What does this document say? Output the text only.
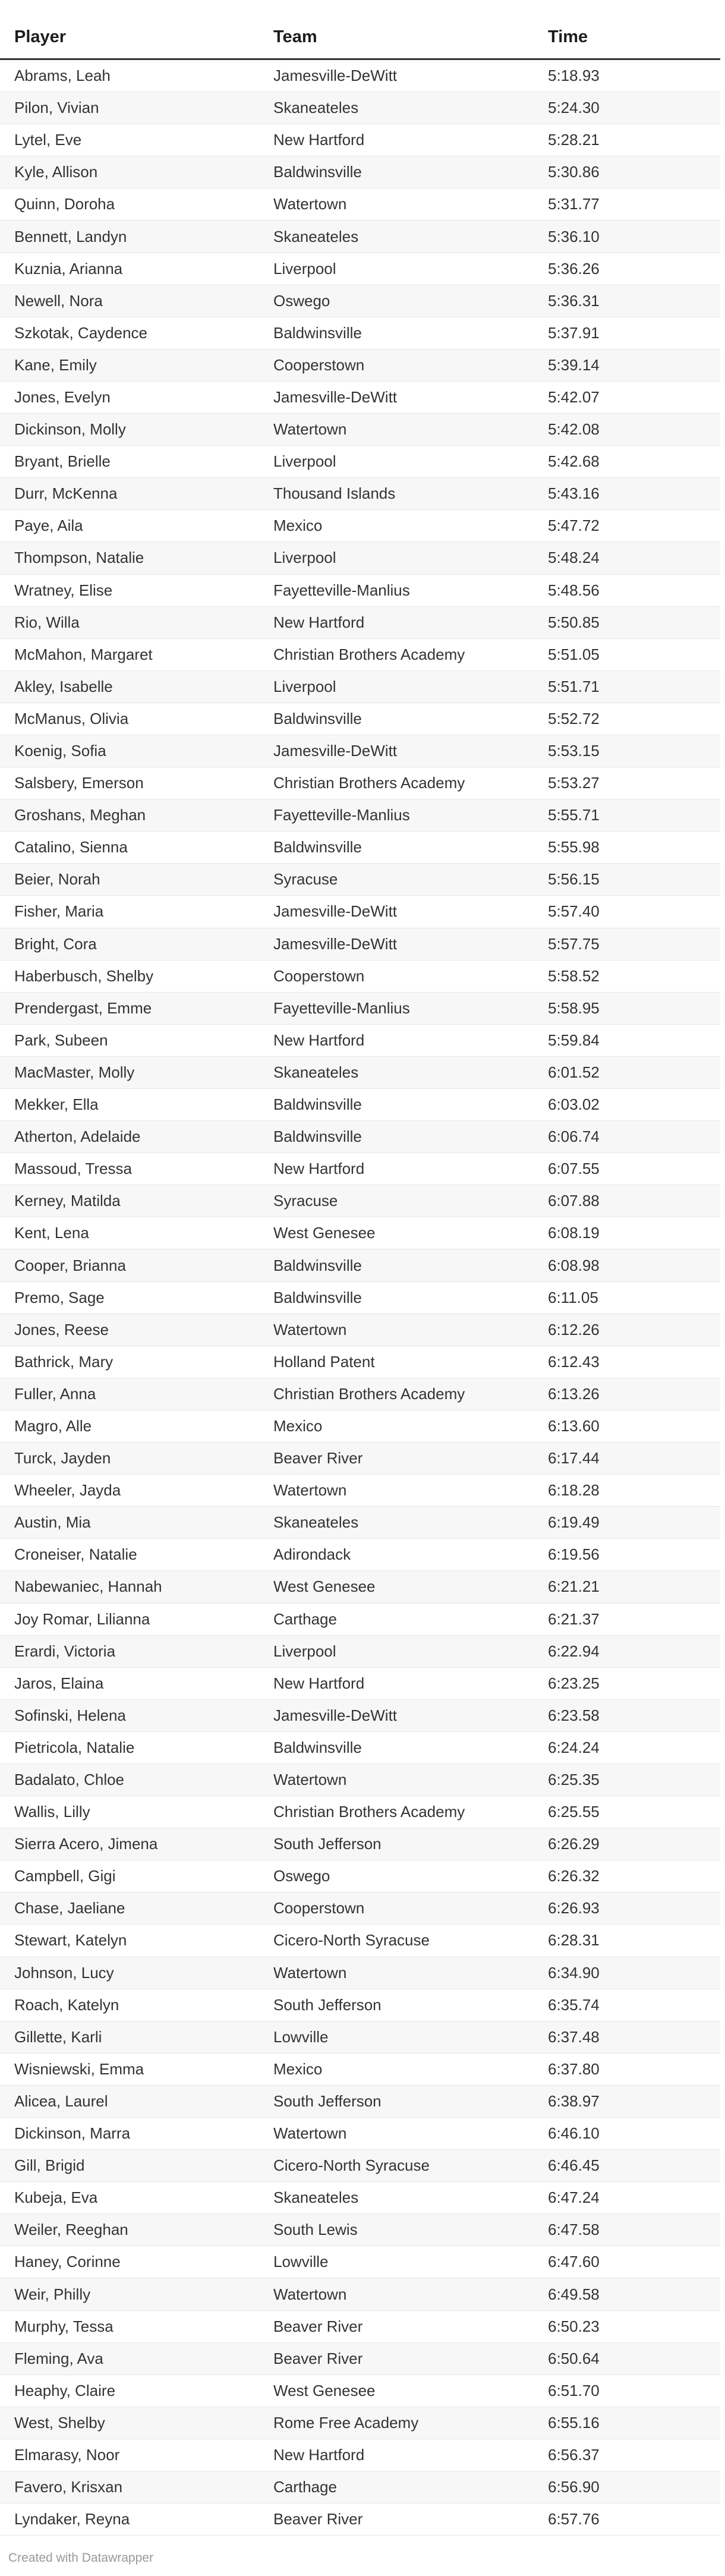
Player	Team	Time
Abrams, Leah	Jamesville-DeWitt	5:18.93
Pilon, Vivian	Skaneateles	5:24.30
Lytel, Eve	New Hartford	5:28.21
Kyle, Allison	Baldwinsville	5:30.86
Quinn, Doroha	Watertown	5:31.77
Bennett, Landyn	Skaneateles	5:36.10
Kuznia, Arianna	Liverpool	5:36.26
Newell, Nora	Oswego	5:36.31
Szkotak, Caydence	Baldwinsville	5:37.91
Kane, Emily	Cooperstown	5:39.14
Jones, Evelyn	Jamesville-DeWitt	5:42.07
Dickinson, Molly	Watertown	5:42.08
Bryant, Brielle	Liverpool	5:42.68
Durr, McKenna	Thousand Islands	5:43.16
Paye, Aila	Mexico	5:47.72
Thompson, Natalie	Liverpool	5:48.24
Wratney, Elise	Fayetteville-Manlius	5:48.56
Rio, Willa	New Hartford	5:50.85
McMahon, Margaret	Christian Brothers Academy	5:51.05
Akley, Isabelle	Liverpool	5:51.71
McManus, Olivia	Baldwinsville	5:52.72
Koenig, Sofia	Jamesville-DeWitt	5:53.15
Salsbery, Emerson	Christian Brothers Academy	5:53.27
Groshans, Meghan	Fayetteville-Manlius	5:55.71
Catalino, Sienna	Baldwinsville	5:55.98
Beier, Norah	Syracuse	5:56.15
Fisher, Maria	Jamesville-DeWitt	5:57.40
Bright, Cora	Jamesville-DeWitt	5:57.75
Haberbusch, Shelby	Cooperstown	5:58.52
Prendergast, Emme	Fayetteville-Manlius	5:58.95
Park, Subeen	New Hartford	5:59.84
MacMaster, Molly	Skaneateles	6:01.52
Mekker, Ella	Baldwinsville	6:03.02
Atherton, Adelaide	Baldwinsville	6:06.74
Massoud, Tressa	New Hartford	6:07.55
Kerney, Matilda	Syracuse	6:07.88
Kent, Lena	West Genesee	6:08.19
Cooper, Brianna	Baldwinsville	6:08.98
Premo, Sage	Baldwinsville	6:11.05
Jones, Reese	Watertown	6:12.26
Bathrick, Mary	Holland Patent	6:12.43
Fuller, Anna	Christian Brothers Academy	6:13.26
Magro, Alle	Mexico	6:13.60
Turck, Jayden	Beaver River	6:17.44
Wheeler, Jayda	Watertown	6:18.28
Austin, Mia	Skaneateles	6:19.49
Croneiser, Natalie	Adirondack	6:19.56
Nabewaniec, Hannah	West Genesee	6:21.21
Joy Romar, Lilianna	Carthage	6:21.37
Erardi, Victoria	Liverpool	6:22.94
Jaros, Elaina	New Hartford	6:23.25
Sofinski, Helena	Jamesville-DeWitt	6:23.58
Pietricola, Natalie	Baldwinsville	6:24.24
Badalato, Chloe	Watertown	6:25.35
Wallis, Lilly	Christian Brothers Academy	6:25.55
Sierra Acero, Jimena	South Jefferson	6:26.29
Campbell, Gigi	Oswego	6:26.32
Chase, Jaeliane	Cooperstown	6:26.93
Stewart, Katelyn	Cicero-North Syracuse	6:28.31
Johnson, Lucy	Watertown	6:34.90
Roach, Katelyn	South Jefferson	6:35.74
Gillette, Karli	Lowville	6:37.48
Wisniewski, Emma	Mexico	6:37.80
Alicea, Laurel	South Jefferson	6:38.97
Dickinson, Marra	Watertown	6:46.10
Gill, Brigid	Cicero-North Syracuse	6:46.45
Kubeja, Eva	Skaneateles	6:47.24
Weiler, Reeghan	South Lewis	6:47.58
Haney, Corinne	Lowville	6:47.60
Weir, Philly	Watertown	6:49.58
Murphy, Tessa	Beaver River	6:50.23
Fleming, Ava	Beaver River	6:50.64
Heaphy, Claire	West Genesee	6:51.70
West, Shelby	Rome Free Academy	6:55.16
Elmarasy, Noor	New Hartford	6:56.37
Favero, Krisxan	Carthage	6:56.90
Lyndaker, Reyna	Beaver River	6:57.76
Created with Datawrapper
